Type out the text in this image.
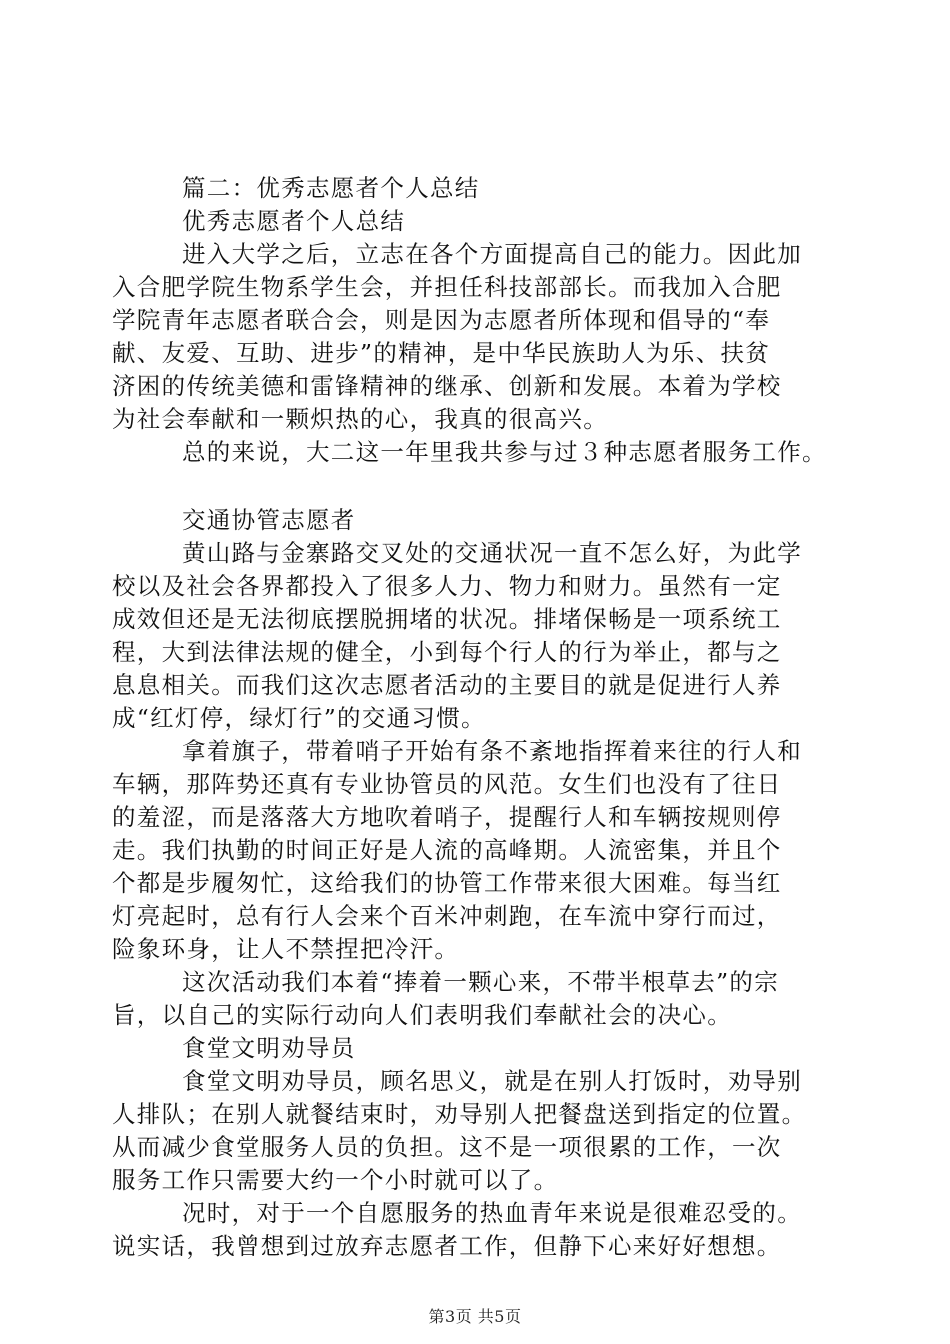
篇二：优秀志愿者个人总结
优秀志愿者个人总结
进入大学之后，立志在各个方面提高自己的能力。因此加
入合肥学院生物系学生会，并担任科技部部长。而我加入合肥
学院青年志愿者联合会，则是因为志愿者所体现和倡导的“奉
献、友爱、互助、进步”的精神，是中华民族助人为乐、扶贫
济困的传统美德和雷锋精神的继承、创新和发展。本着为学校
为社会奉献和一颗炽热的心，我真的很高兴。
总的来说，大二这一年里我共参与过３种志愿者服务工作。
交通协管志愿者
黄山路与金寨路交叉处的交通状况一直不怎么好，为此学
校以及社会各界都投入了很多人力、物力和财力。虽然有一定
成效但还是无法彻底摆脱拥堵的状况。排堵保畅是一项系统工
程，大到法律法规的健全，小到每个行人的行为举止，都与之
息息相关。而我们这次志愿者活动的主要目的就是促进行人养
成“红灯停，绿灯行”的交通习惯。
拿着旗子，带着哨子开始有条不紊地指挥着来往的行人和
车辆，那阵势还真有专业协管员的风范。女生们也没有了往日
的羞涩，而是落落大方地吹着哨子，提醒行人和车辆按规则停
走。我们执勤的时间正好是人流的高峰期。人流密集，并且个
个都是步履匆忙，这给我们的协管工作带来很大困难。每当红
灯亮起时，总有行人会来个百米冲刺跑，在车流中穿行而过，
险象环身，让人不禁捏把冷汗。
这次活动我们本着“捧着一颗心来，不带半根草去”的宗
旨，以自己的实际行动向人们表明我们奉献社会的决心。
食堂文明劝导员
食堂文明劝导员，顾名思义，就是在别人打饭时，劝导别
人排队；在别人就餐结束时，劝导别人把餐盘送到指定的位置。
从而减少食堂服务人员的负担。这不是一项很累的工作，一次
服务工作只需要大约一个小时就可以了。
况时，对于一个自愿服务的热血青年来说是很难忍受的。
说实话，我曾想到过放弃志愿者工作，但静下心来好好想想。
第3页 共5页
